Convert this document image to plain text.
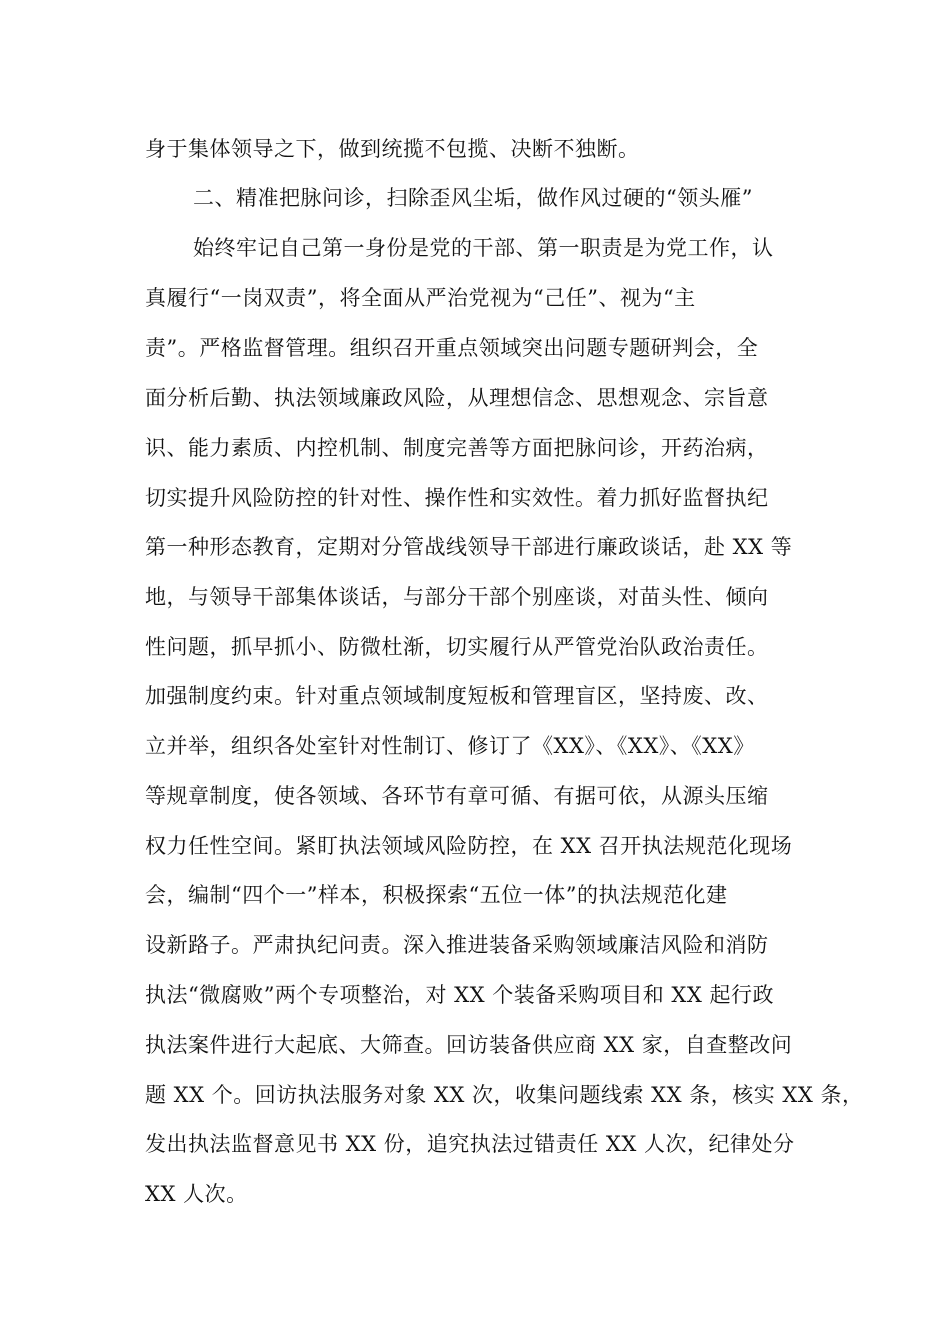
身于集体领导之下，做到统揽不包揽、决断不独断。
二、精准把脉问诊，扫除歪风尘垢，做作风过硬的“领头雁”
始终牢记自己第一身份是党的干部、第一职责是为党工作，认
真履行“一岗双责”，将全面从严治党视为“己任”、视为“主
责”。严格监督管理。组织召开重点领域突出问题专题研判会，全
面分析后勤、执法领域廉政风险，从理想信念、思想观念、宗旨意
识、能力素质、内控机制、制度完善等方面把脉问诊，开药治病，
切实提升风险防控的针对性、操作性和实效性。着力抓好监督执纪
第一种形态教育，定期对分管战线领导干部进行廉政谈话，赴 XX 等
地，与领导干部集体谈话，与部分干部个别座谈，对苗头性、倾向
性问题，抓早抓小、防微杜渐，切实履行从严管党治队政治责任。
加强制度约束。针对重点领域制度短板和管理盲区，坚持废、改、
立并举，组织各处室针对性制订、修订了《XX》、《XX》、《XX》
等规章制度，使各领域、各环节有章可循、有据可依，从源头压缩
权力任性空间。紧盯执法领域风险防控，在 XX 召开执法规范化现场
会，编制“四个一”样本，积极探索“五位一体”的执法规范化建
设新路子。严肃执纪问责。深入推进装备采购领域廉洁风险和消防
执法“微腐败”两个专项整治，对 XX 个装备采购项目和 XX 起行政
执法案件进行大起底、大筛查。回访装备供应商 XX 家，自查整改问
题 XX 个。回访执法服务对象 XX 次，收集问题线索 XX 条，核实 XX 条，
发出执法监督意见书 XX 份，追究执法过错责任 XX 人次，纪律处分
XX 人次。
